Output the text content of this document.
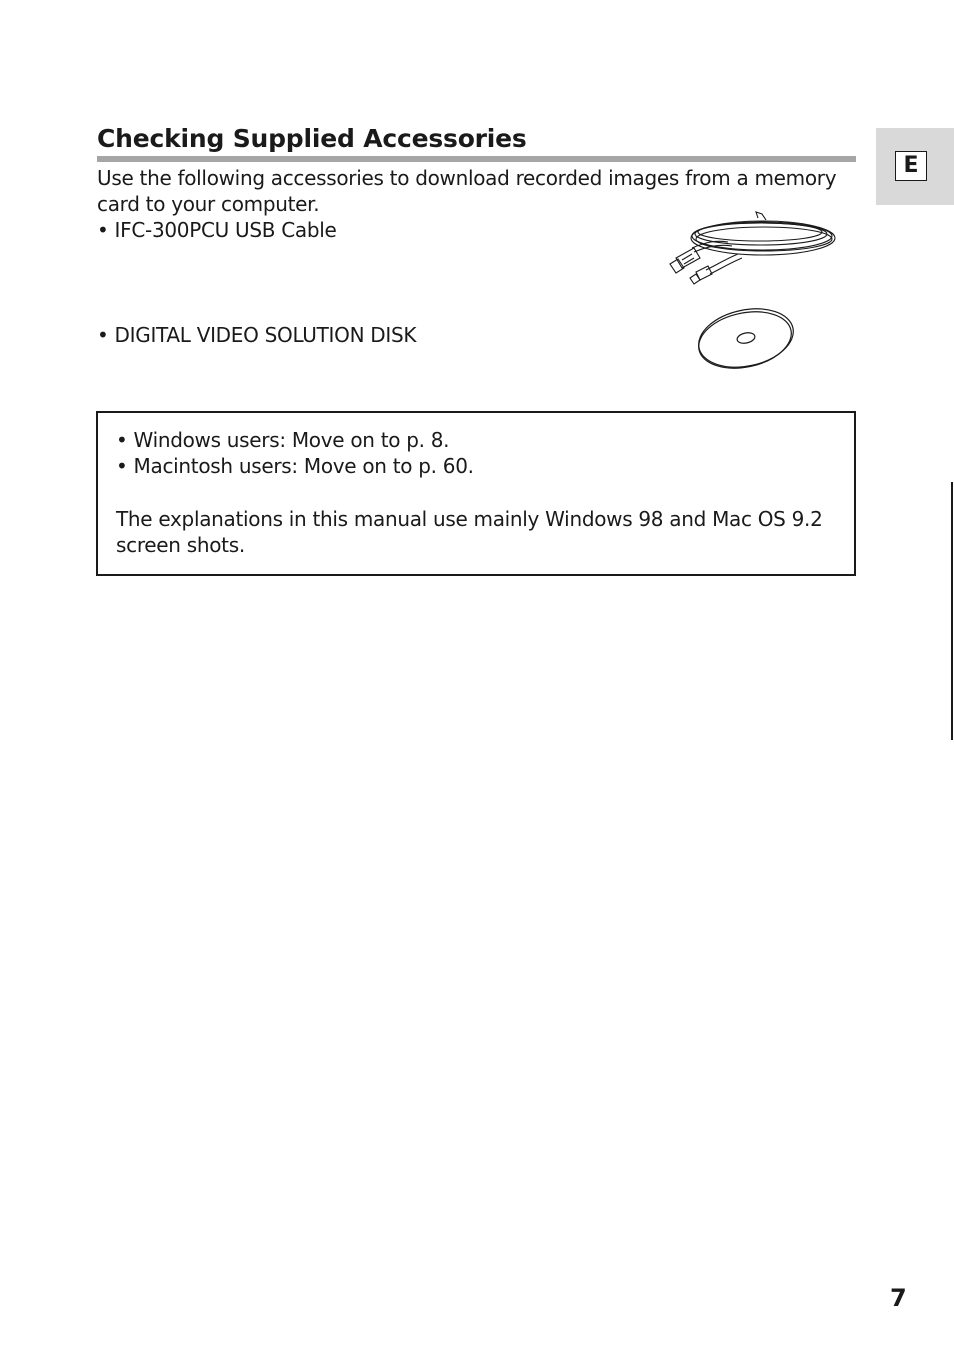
Checking Supplied Accessories
Use the following accessories to download recorded images from a memory card to your computer.
• IFC-300PCU USB Cable
• DIGITAL VIDEO SOLUTION DISK
• Windows users: Move on to p. 8.
• Macintosh users: Move on to p. 60.
The explanations in this manual use mainly Windows 98 and Mac OS 9.2 screen shots.
E
7
